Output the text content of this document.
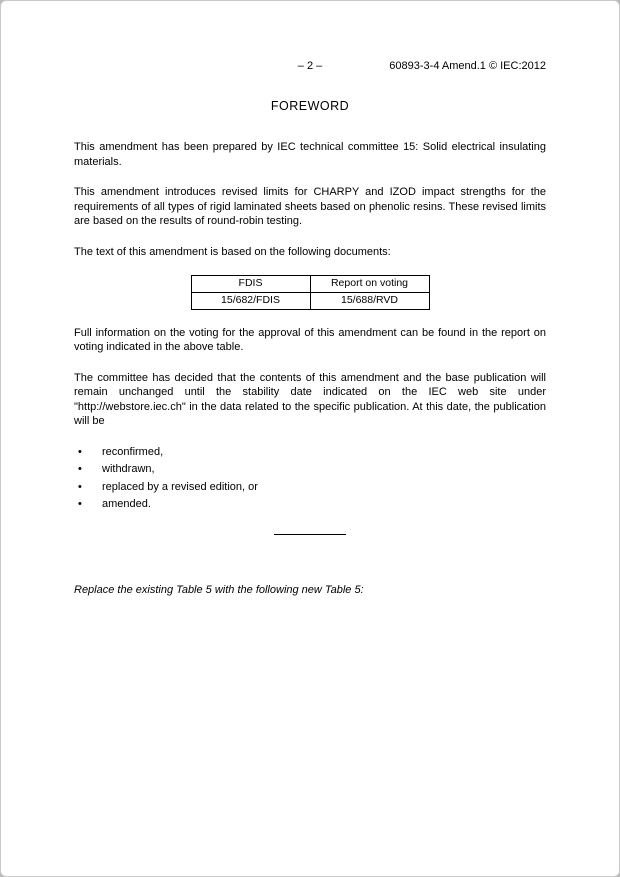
– 2 –	60893-3-4 Amend.1 © IEC:2012
FOREWORD

This amendment has been prepared by IEC technical committee 15: Solid electrical insulating materials.

This amendment introduces revised limits for CHARPY and IZOD impact strengths for the requirements of all types of rigid laminated sheets based on phenolic resins. These revised limits are based on the results of round-robin testing.

The text of this amendment is based on the following documents:

FDIS	Report on voting
15/682/FDIS	15/688/RVD

Full information on the voting for the approval of this amendment can be found in the report on voting indicated in the above table.

The committee has decided that the contents of this amendment and the base publication will remain unchanged until the stability date indicated on the IEC web site under "http://webstore.iec.ch" in the data related to the specific publication. At this date, the publication will be

• reconfirmed,
• withdrawn,
• replaced by a revised edition, or
• amended.

Replace the existing Table 5 with the following new Table 5:
